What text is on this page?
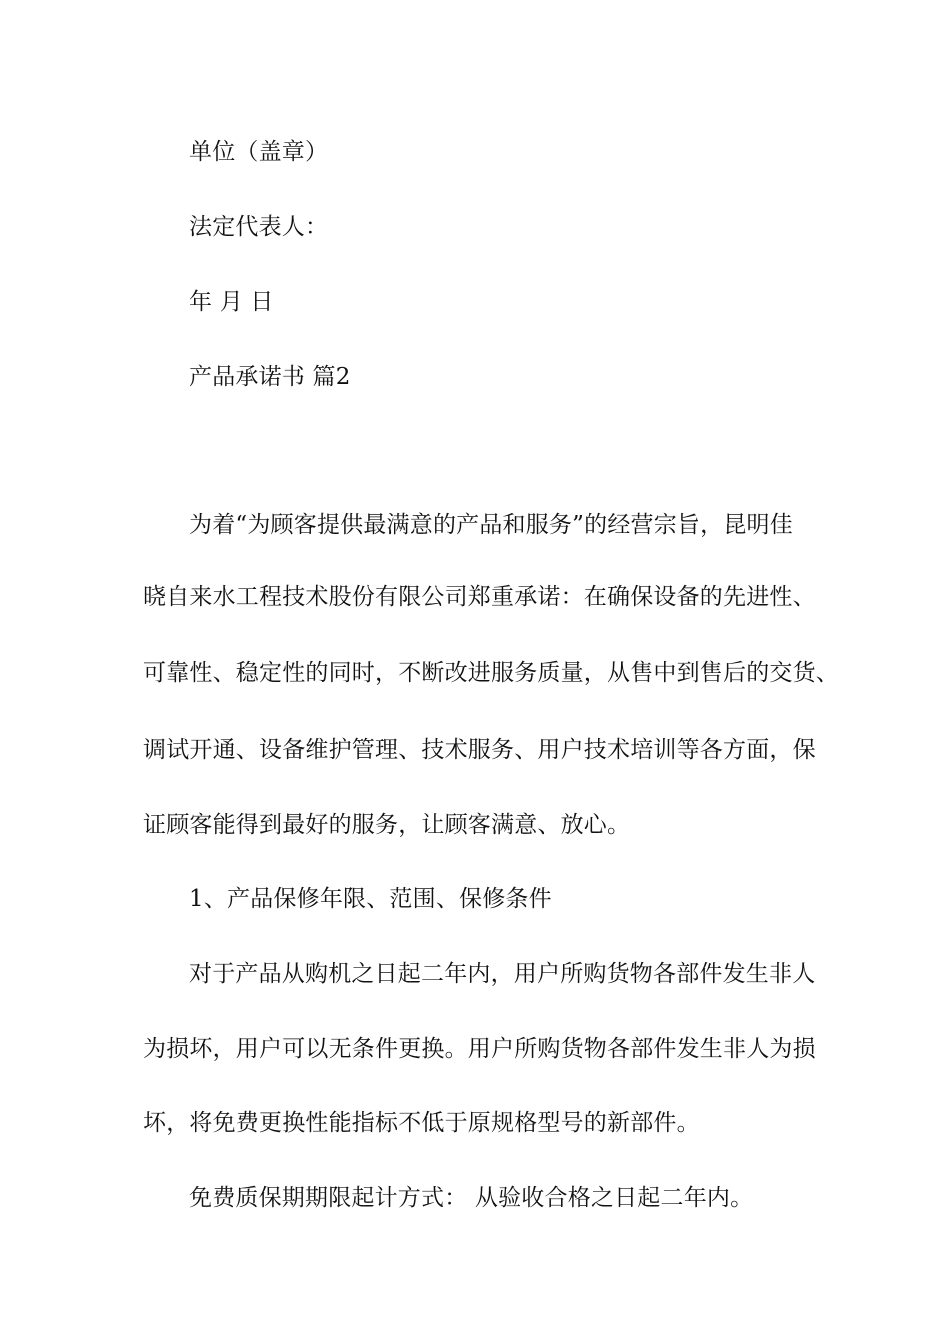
单位（盖章）
法定代表人：
年 月 日
产品承诺书 篇2
为着“为顾客提供最满意的产品和服务”的经营宗旨，昆明佳
晓自来水工程技术股份有限公司郑重承诺：在确保设备的先进性、
可靠性、稳定性的同时，不断改进服务质量，从售中到售后的交货、
调试开通、设备维护管理、技术服务、用户技术培训等各方面，保
证顾客能得到最好的服务，让顾客满意、放心。
1、产品保修年限、范围、保修条件
对于产品从购机之日起二年内，用户所购货物各部件发生非人
为损坏，用户可以无条件更换。用户所购货物各部件发生非人为损
坏，将免费更换性能指标不低于原规格型号的新部件。
免费质保期期限起计方式： 从验收合格之日起二年内。
